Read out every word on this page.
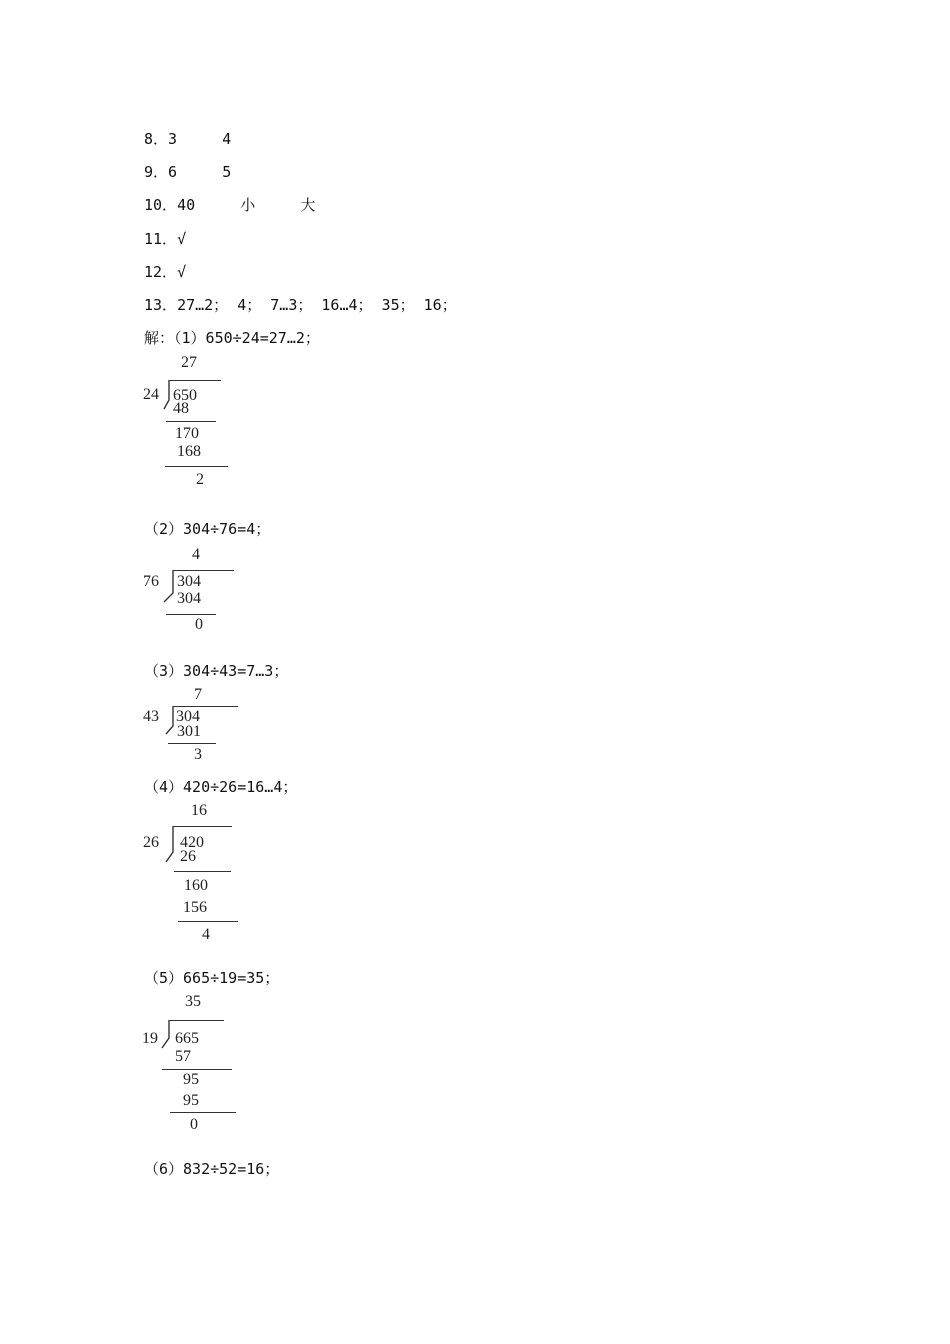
8．3     4
9．6     5
10．40     小     大
11．√
12．√
13．27…2； 4； 7…3； 16…4； 35； 16；
解：（1）650÷24=27…2；
27
24 650
48
170
168
2
（2）304÷76=4；
4
76 304
304
0
（3）304÷43=7…3；
7
43 304
301
3
（4）420÷26=16…4；
16
26 420
26
160
156
4
（5）665÷19=35；
35
19 665
57
95
95
0
（6）832÷52=16；
